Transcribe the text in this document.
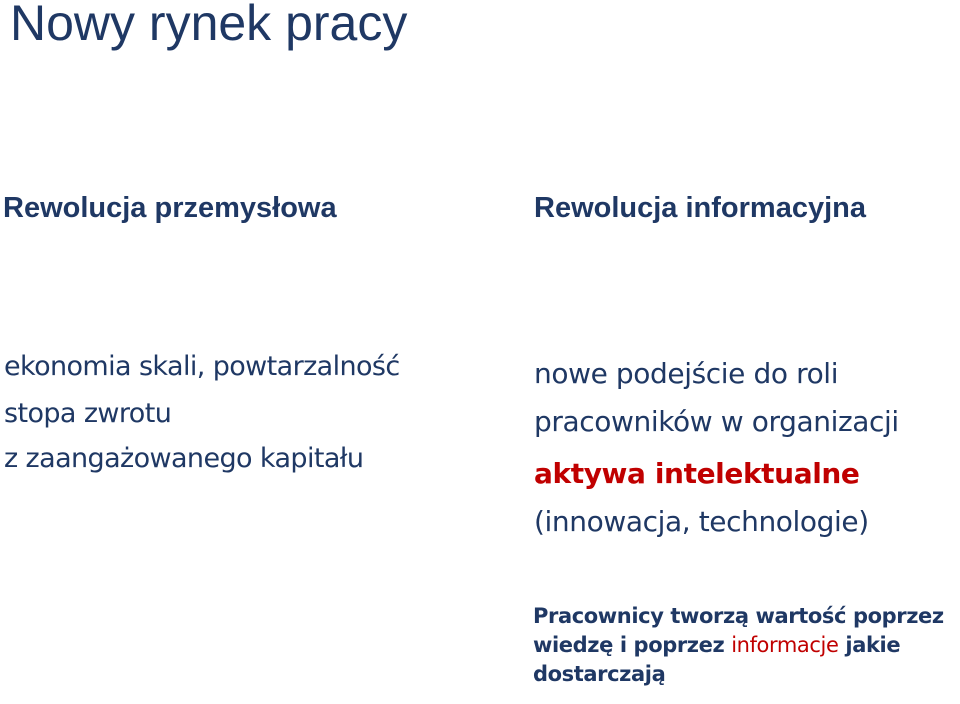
Nowy rynek pracy
Rewolucja przemysłowa	Rewolucja informacyjna
ekonomia skali, powtarzalność
stopa zwrotu
z zaangażowanego kapitału
nowe podejście do roli
pracowników w organizacji
aktywa intelektualne
(innowacja, technologie)
Pracownicy tworzą wartość poprzez
wiedzę i poprzez informacje jakie
dostarczają
